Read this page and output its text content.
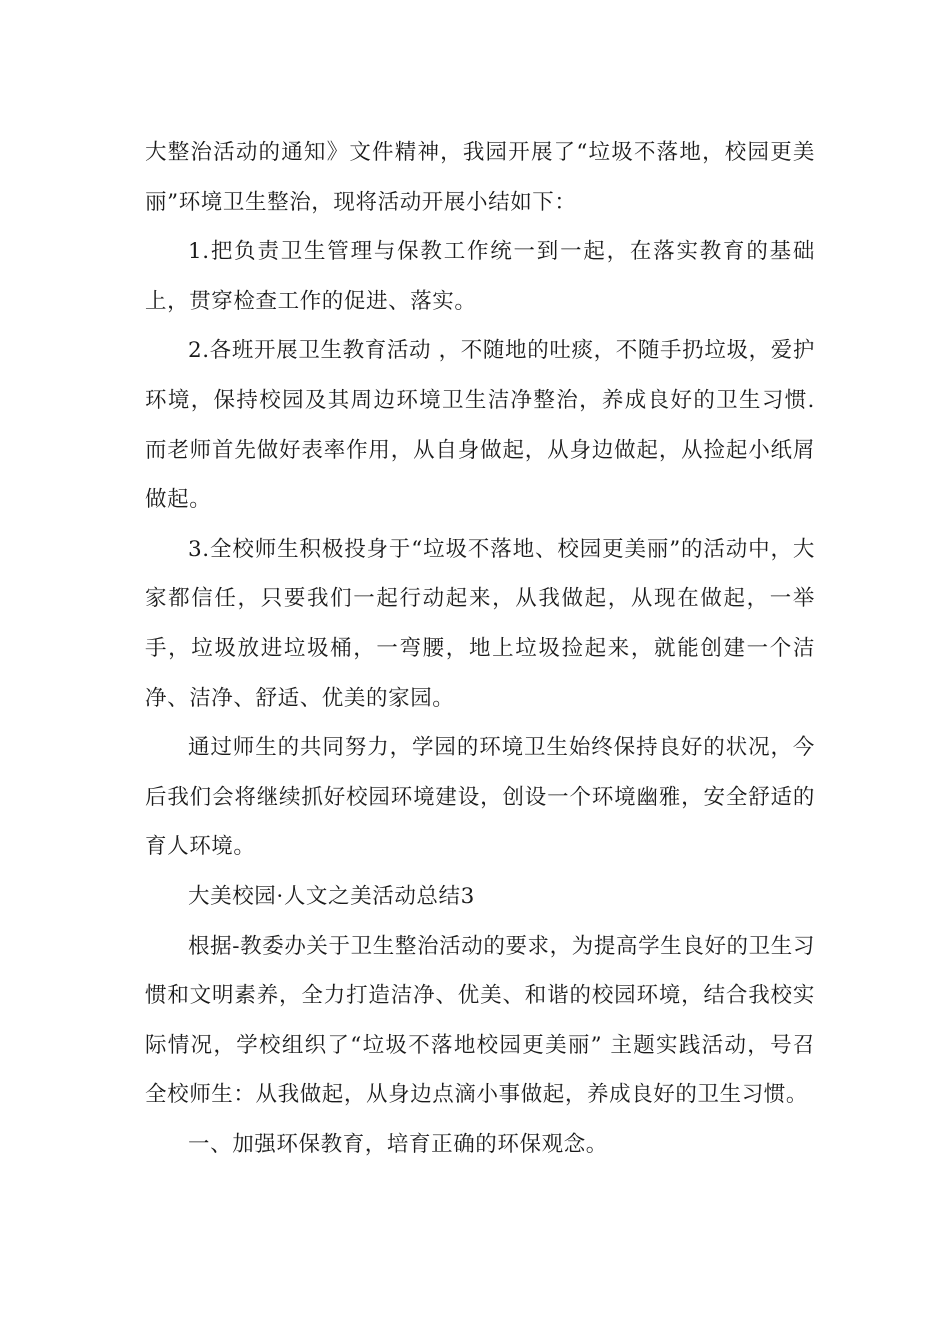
大整治活动的通知》文件精神，我园开展了“垃圾不落地，校园更美丽”环境卫生整治，现将活动开展小结如下：

1.把负责卫生管理与保教工作统一到一起，在落实教育的基础上，贯穿检查工作的促进、落实。

2.各班开展卫生教育活动 ，不随地的吐痰，不随手扔垃圾，爱护环境，保持校园及其周边环境卫生洁净整治，养成良好的卫生习惯.而老师首先做好表率作用，从自身做起，从身边做起，从捡起小纸屑做起。

3.全校师生积极投身于“垃圾不落地、校园更美丽”的活动中，大家都信任，只要我们一起行动起来，从我做起，从现在做起，一举手，垃圾放进垃圾桶，一弯腰，地上垃圾捡起来，就能创建一个洁净、洁净、舒适、优美的家园。

通过师生的共同努力，学园的环境卫生始终保持良好的状况，今后我们会将继续抓好校园环境建设，创设一个环境幽雅，安全舒适的育人环境。

大美校园·人文之美活动总结3

根据-教委办关于卫生整治活动的要求，为提高学生良好的卫生习惯和文明素养，全力打造洁净、优美、和谐的校园环境，结合我校实际情况，学校组织了“垃圾不落地校园更美丽” 主题实践活动，号召全校师生：从我做起，从身边点滴小事做起，养成良好的卫生习惯。

一、加强环保教育，培育正确的环保观念。
